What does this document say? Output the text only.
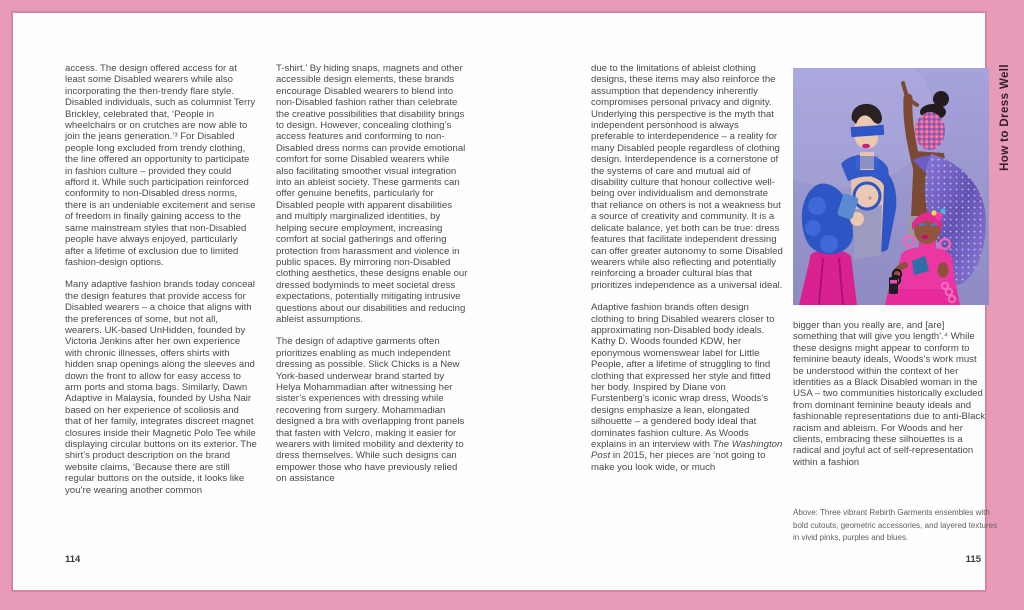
access. The design offered access for at least some Disabled wearers while also incorporating the then-trendy flare style. Disabled individuals, such as columnist Terry Brickley, celebrated that, ‘People in wheelchairs or on crutches are now able to join the jeans generation.’³ For Disabled people long excluded from trendy clothing, the line offered an opportunity to participate in fashion culture – provided they could afford it. While such participation reinforced conformity to non-Disabled dress norms, there is an undeniable excitement and sense of freedom in finally gaining access to the same mainstream styles that non-Disabled people have always enjoyed, particularly after a lifetime of exclusion due to limited fashion-design options.

Many adaptive fashion brands today conceal the design features that provide access for Disabled wearers – a choice that aligns with the preferences of some, but not all, wearers. UK-based UnHidden, founded by Victoria Jenkins after her own experience with chronic illnesses, offers shirts with hidden snap openings along the sleeves and down the front to allow for easy access to arm ports and stoma bags. Similarly, Dawn Adaptive in Malaysia, founded by Usha Nair based on her experience of scoliosis and that of her family, integrates discreet magnet closures inside their Magnetic Polo Tee while displaying circular buttons on its exterior. The shirt’s product description on the brand website claims, ‘Because there are still regular buttons on the outside, it looks like you’re wearing another common

T-shirt.’ By hiding snaps, magnets and other accessible design elements, these brands encourage Disabled wearers to blend into non-Disabled fashion rather than celebrate the creative possibilities that disability brings to design. However, concealing clothing’s access features and conforming to non-Disabled dress norms can provide emotional comfort for some Disabled wearers while also facilitating smoother visual integration into an ableist society. These garments can offer genuine benefits, particularly for Disabled people with apparent disabilities and multiply marginalized identities, by helping secure employment, increasing comfort at social gatherings and offering protection from harassment and violence in public spaces. By mirroring non-Disabled clothing aesthetics, these designs enable our dressed bodyminds to meet societal dress expectations, potentially mitigating intrusive questions about our disabilities and reducing ableist assumptions.

The design of adaptive garments often prioritizes enabling as much independent dressing as possible. Slick Chicks is a New York-based underwear brand started by Helya Mohammadian after witnessing her sister’s experiences with dressing while recovering from surgery. Mohammadian designed a bra with overlapping front panels that fasten with Velcro, making it easier for wearers with limited mobility and dexterity to dress themselves. While such designs can empower those who have previously relied on assistance

due to the limitations of ableist clothing designs, these items may also reinforce the assumption that dependency inherently compromises personal privacy and dignity. Underlying this perspective is the myth that independent personhood is always preferable to interdependence – a reality for many Disabled people regardless of clothing design. Interdependence is a cornerstone of the systems of care and mutual aid of disability culture that honour collective well-being over individualism and demonstrate that reliance on others is not a weakness but a source of creativity and community. It is a delicate balance, yet both can be true: dress features that facilitate independent dressing can offer greater autonomy to some Disabled wearers while also reflecting and potentially reinforcing a broader cultural bias that prioritizes independence as a universal ideal.

Adaptive fashion brands often design clothing to bring Disabled wearers closer to approximating non-Disabled body ideals. Kathy D. Woods founded KDW, her eponymous womenswear label for Little People, after a lifetime of struggling to find clothing that expressed her style and fitted her body. Inspired by Diane von Furstenberg’s iconic wrap dress, Woods’s designs emphasize a lean, elongated silhouette – a gendered body ideal that dominates fashion culture. As Woods explains in an interview with The Washington Post in 2015, her pieces are ‘not going to make you look wide, or much

bigger than you really are, and [are] something that will give you length’.⁴ While these designs might appear to conform to feminine beauty ideals, Woods’s work must be understood within the context of her identities as a Black Disabled woman in the USA – two communities historically excluded from dominant feminine beauty ideals and fashionable representations due to anti-Black racism and ableism. For Woods and her clients, embracing these silhouettes is a radical and joyful act of self-representation within a fashion

Above: Three vibrant Rebirth Garments ensembles with bold cutouts, geometric accessories, and layered textures in vivid pinks, purples and blues.
114	115
How to Dress Well
